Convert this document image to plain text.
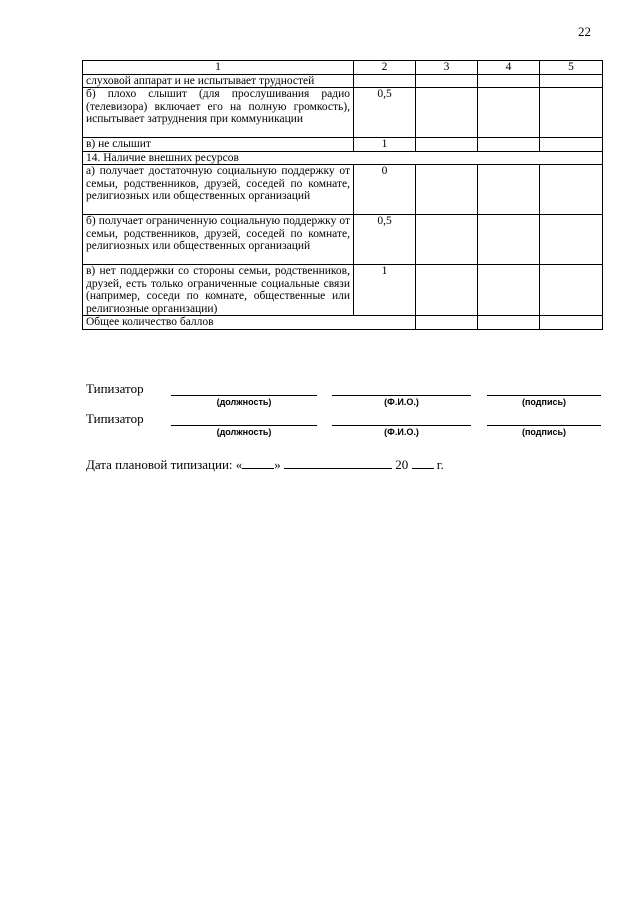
22
1	2	3	4	5
слуховой аппарат и не испытывает трудностей				
б) плохо слышит (для прослушивания радио (телевизора) включает его на полную громкость), испытывает затруднения при коммуникации	0,5			
в) не слышит	1			
14. Наличие внешних ресурсов				
а) получает достаточную социальную поддержку от семьи, родственников, друзей, соседей по комнате, религиозных или общественных организаций	0			
б) получает ограниченную социальную поддержку от семьи, родственников, друзей, соседей по комнате, религиозных или общественных организаций	0,5			
в) нет поддержки со стороны семьи, родственников, друзей, есть только ограниченные социальные связи (например, соседи по комнате, общественные или религиозные организации)	1			
Общее количество баллов				
Типизатор
(должность)	(Ф.И.О.)	(подпись)
Типизатор
(должность)	(Ф.И.О.)	(подпись)
Дата плановой типизации: « »	20 г.
